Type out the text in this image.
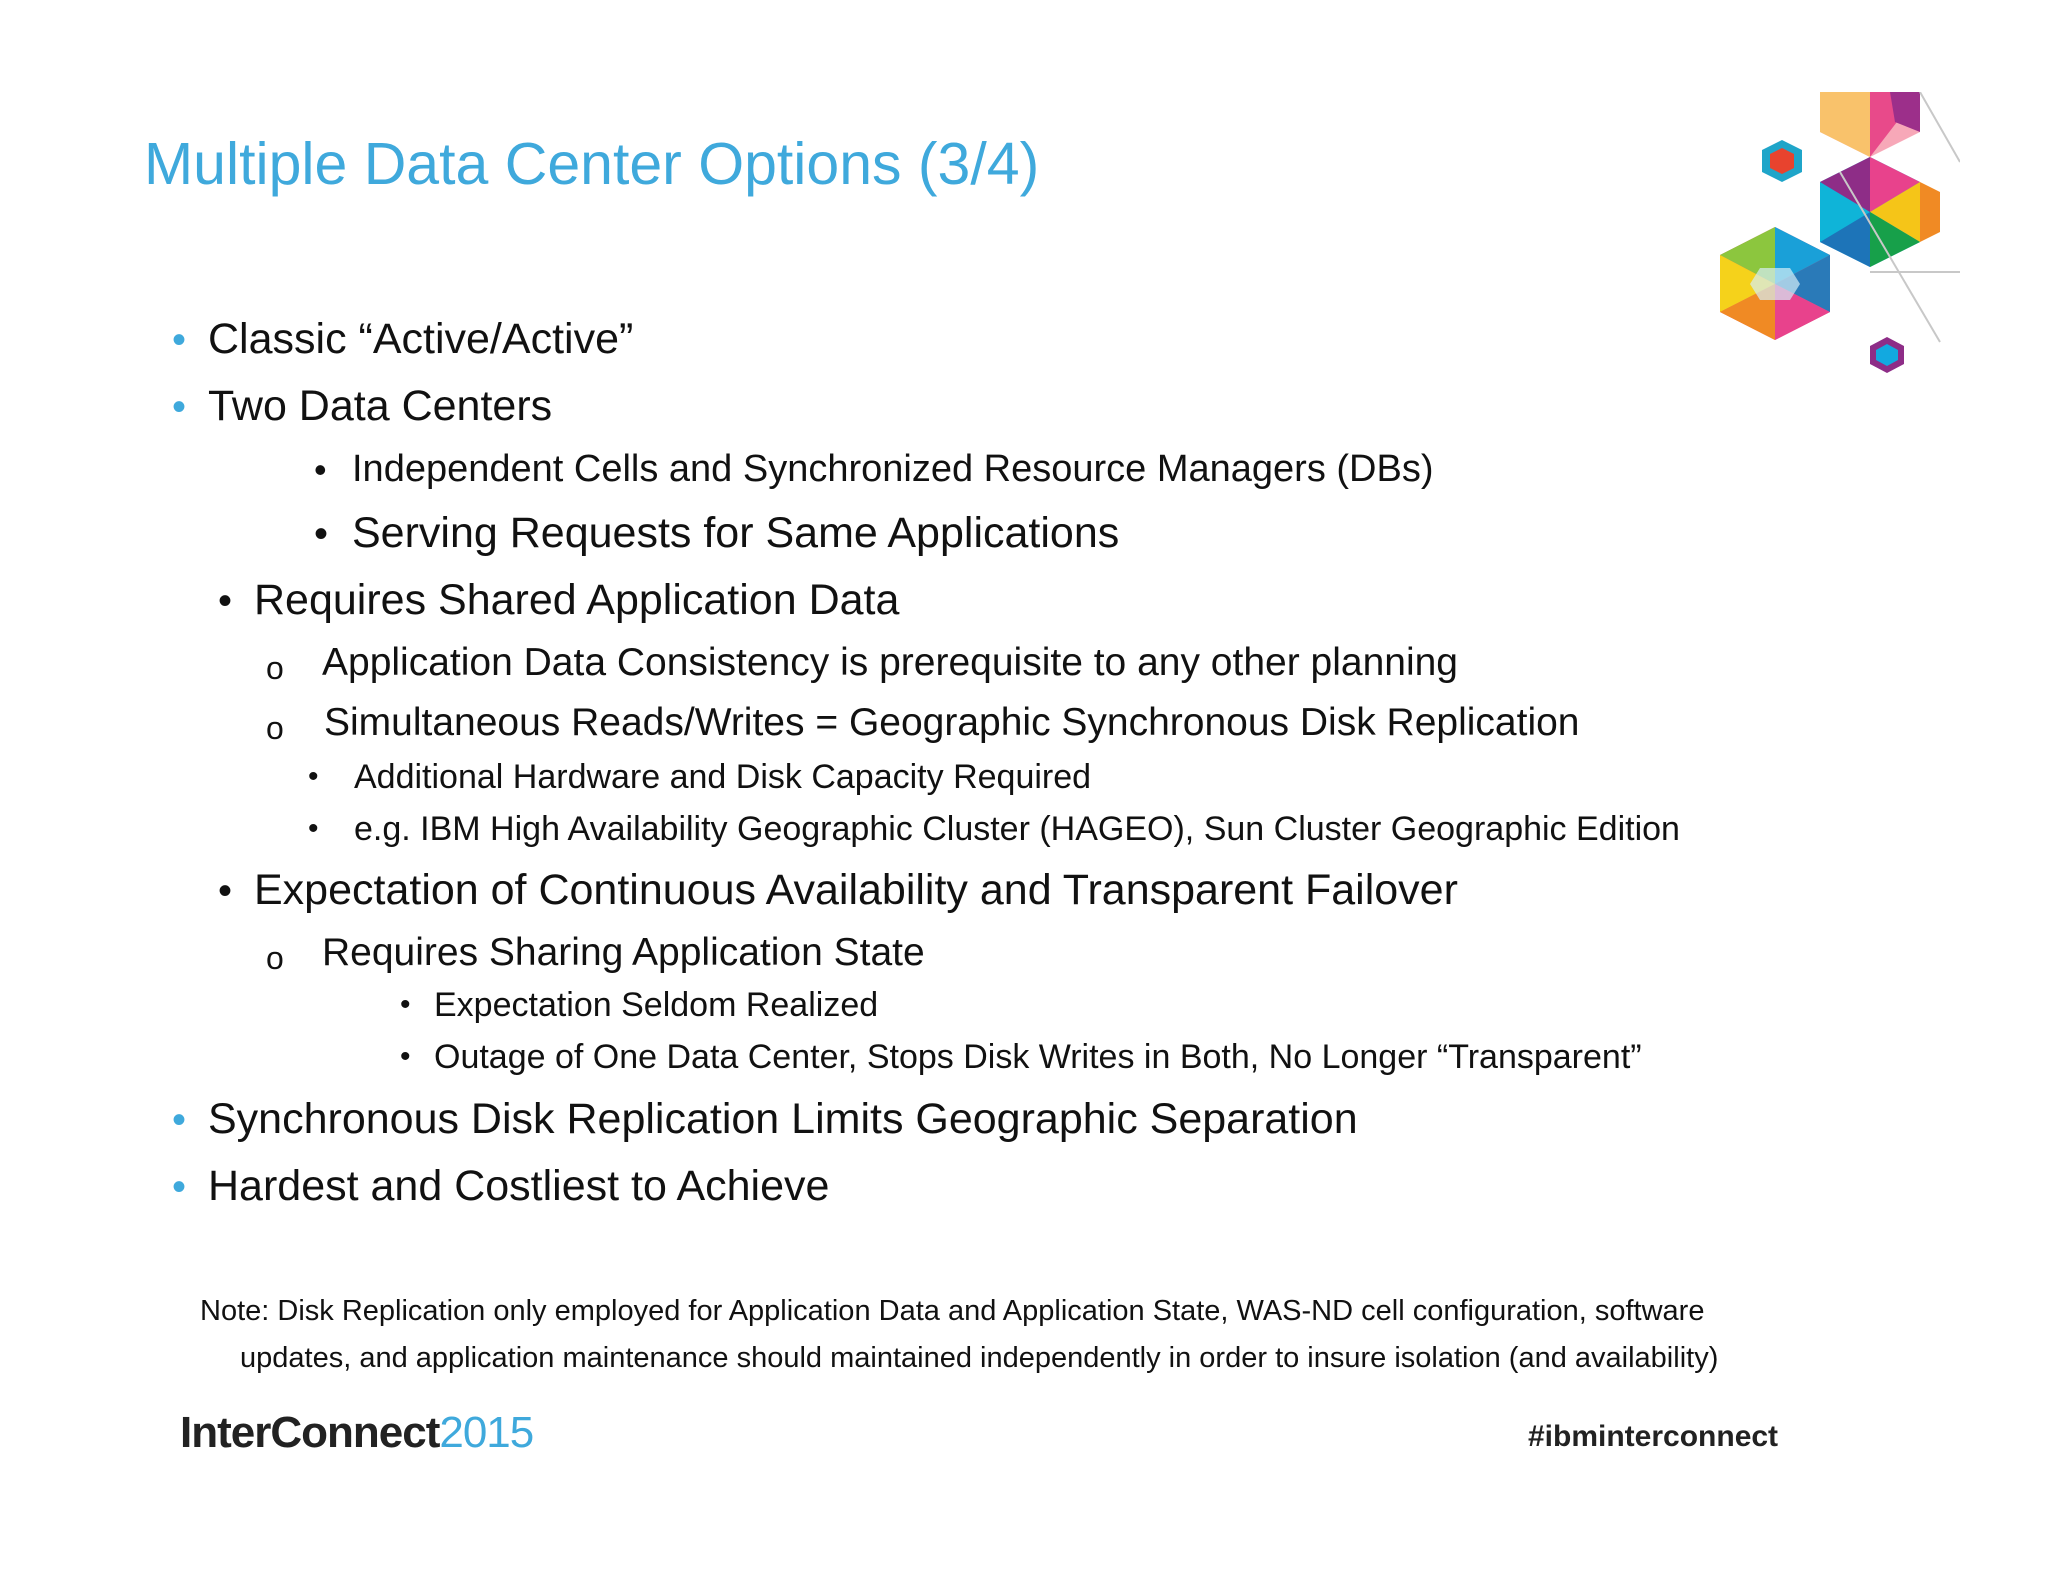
Multiple Data Center Options (3/4)
• Classic “Active/Active”
• Two Data Centers
• Independent Cells and Synchronized Resource Managers (DBs)
• Serving Requests for Same Applications
• Requires Shared Application Data
o Application Data Consistency is prerequisite to any other planning
o Simultaneous Reads/Writes = Geographic Synchronous Disk Replication
• Additional Hardware and Disk Capacity Required
• e.g. IBM High Availability Geographic Cluster (HAGEO), Sun Cluster Geographic Edition
• Expectation of Continuous Availability and Transparent Failover
o Requires Sharing Application State
• Expectation Seldom Realized
• Outage of One Data Center, Stops Disk Writes in Both, No Longer “Transparent”
• Synchronous Disk Replication Limits Geographic Separation
• Hardest and Costliest to Achieve
Note: Disk Replication only employed for Application Data and Application State, WAS-ND cell configuration, software
updates, and application maintenance should maintained independently in order to insure isolation (and availability)
InterConnect2015	#ibminterconnect
